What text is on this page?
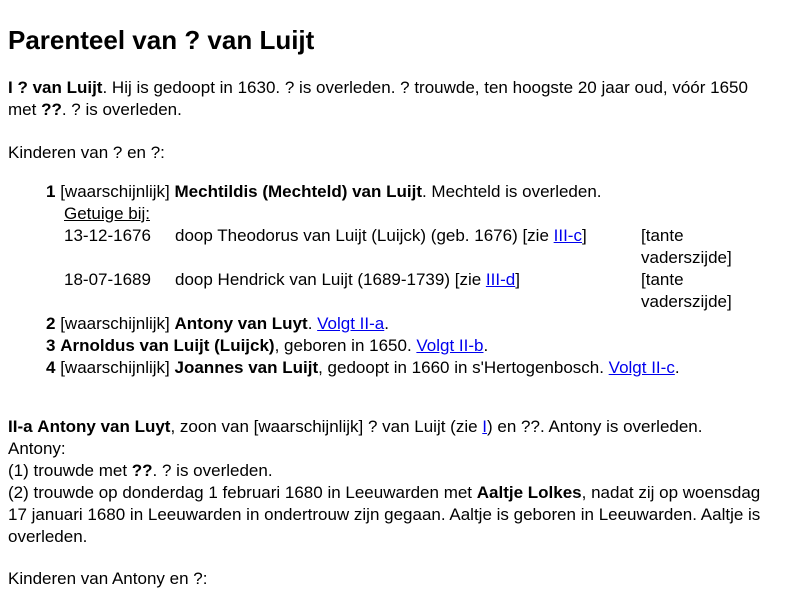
Parenteel van ? van Luijt

I ? van Luijt. Hij is gedoopt in 1630. ? is overleden. ? trouwde, ten hoogste 20 jaar oud, vóór 1650 met ??. ? is overleden.

Kinderen van ? en ?:

1 [waarschijnlijk] Mechtildis (Mechteld) van Luijt. Mechteld is overleden.
Getuige bij:
13-12-1676	doop Theodorus van Luijt (Luijck) (geb. 1676) [zie III-c]	[tante vaderszijde]
18-07-1689	doop Hendrick van Luijt (1689-1739) [zie III-d]	[tante vaderszijde]
2 [waarschijnlijk] Antony van Luyt. Volgt II-a.
3 Arnoldus van Luijt (Luijck), geboren in 1650. Volgt II-b.
4 [waarschijnlijk] Joannes van Luijt, gedoopt in 1660 in s'Hertogenbosch. Volgt II-c.
II-a Antony van Luyt, zoon van [waarschijnlijk] ? van Luijt (zie I) en ??. Antony is overleden.
Antony:
(1) trouwde met ??. ? is overleden.
(2) trouwde op donderdag 1 februari 1680 in Leeuwarden met Aaltje Lolkes, nadat zij op woensdag 17 januari 1680 in Leeuwarden in ondertrouw zijn gegaan. Aaltje is geboren in Leeuwarden. Aaltje is overleden.

Kinderen van Antony en ?:
